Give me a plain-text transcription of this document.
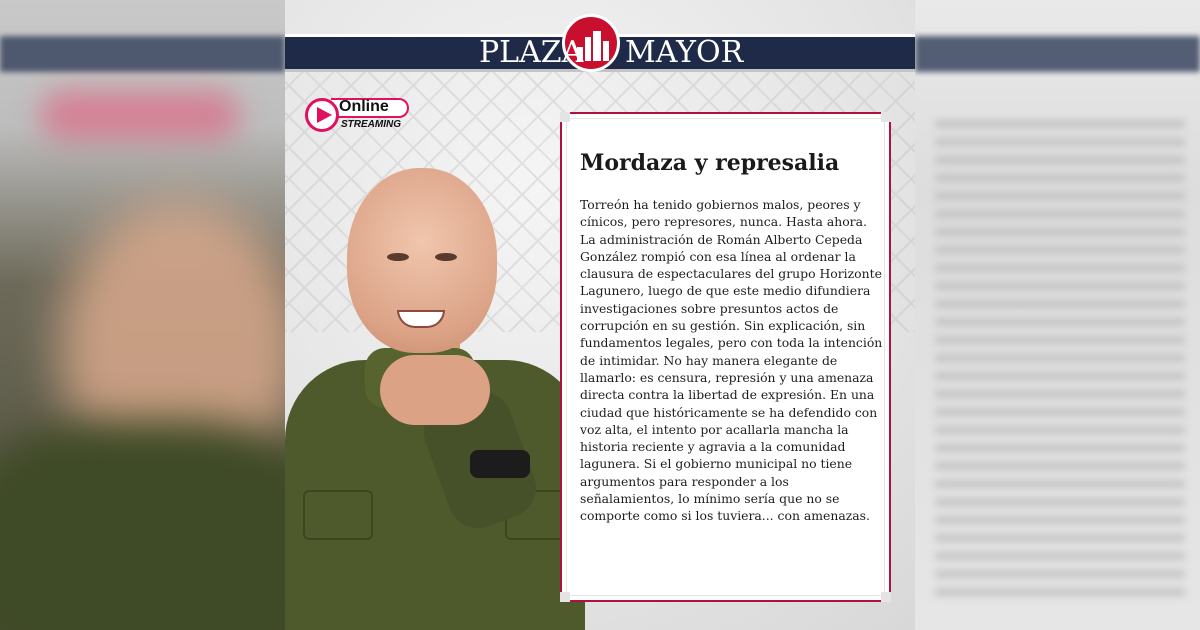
PLAZA MAYOR
Online
STREAMING
Mordaza y represalia

Torreón ha tenido gobiernos malos, peores y cínicos, pero represores, nunca. Hasta ahora. La administración de Román Alberto Cepeda González rompió con esa línea al ordenar la clausura de espectaculares del grupo Horizonte Lagunero, luego de que este medio difundiera investigaciones sobre presuntos actos de corrupción en su gestión. Sin explicación, sin fundamentos legales, pero con toda la intención de intimidar. No hay manera elegante de llamarlo: es censura, represión y una amenaza directa contra la libertad de expresión. En una ciudad que históricamente se ha defendido con voz alta, el intento por acallarla mancha la historia reciente y agravia a la comunidad lagunera. Si el gobierno municipal no tiene argumentos para responder a los señalamientos, lo mínimo sería que no se comporte como si los tuviera... con amenazas.
